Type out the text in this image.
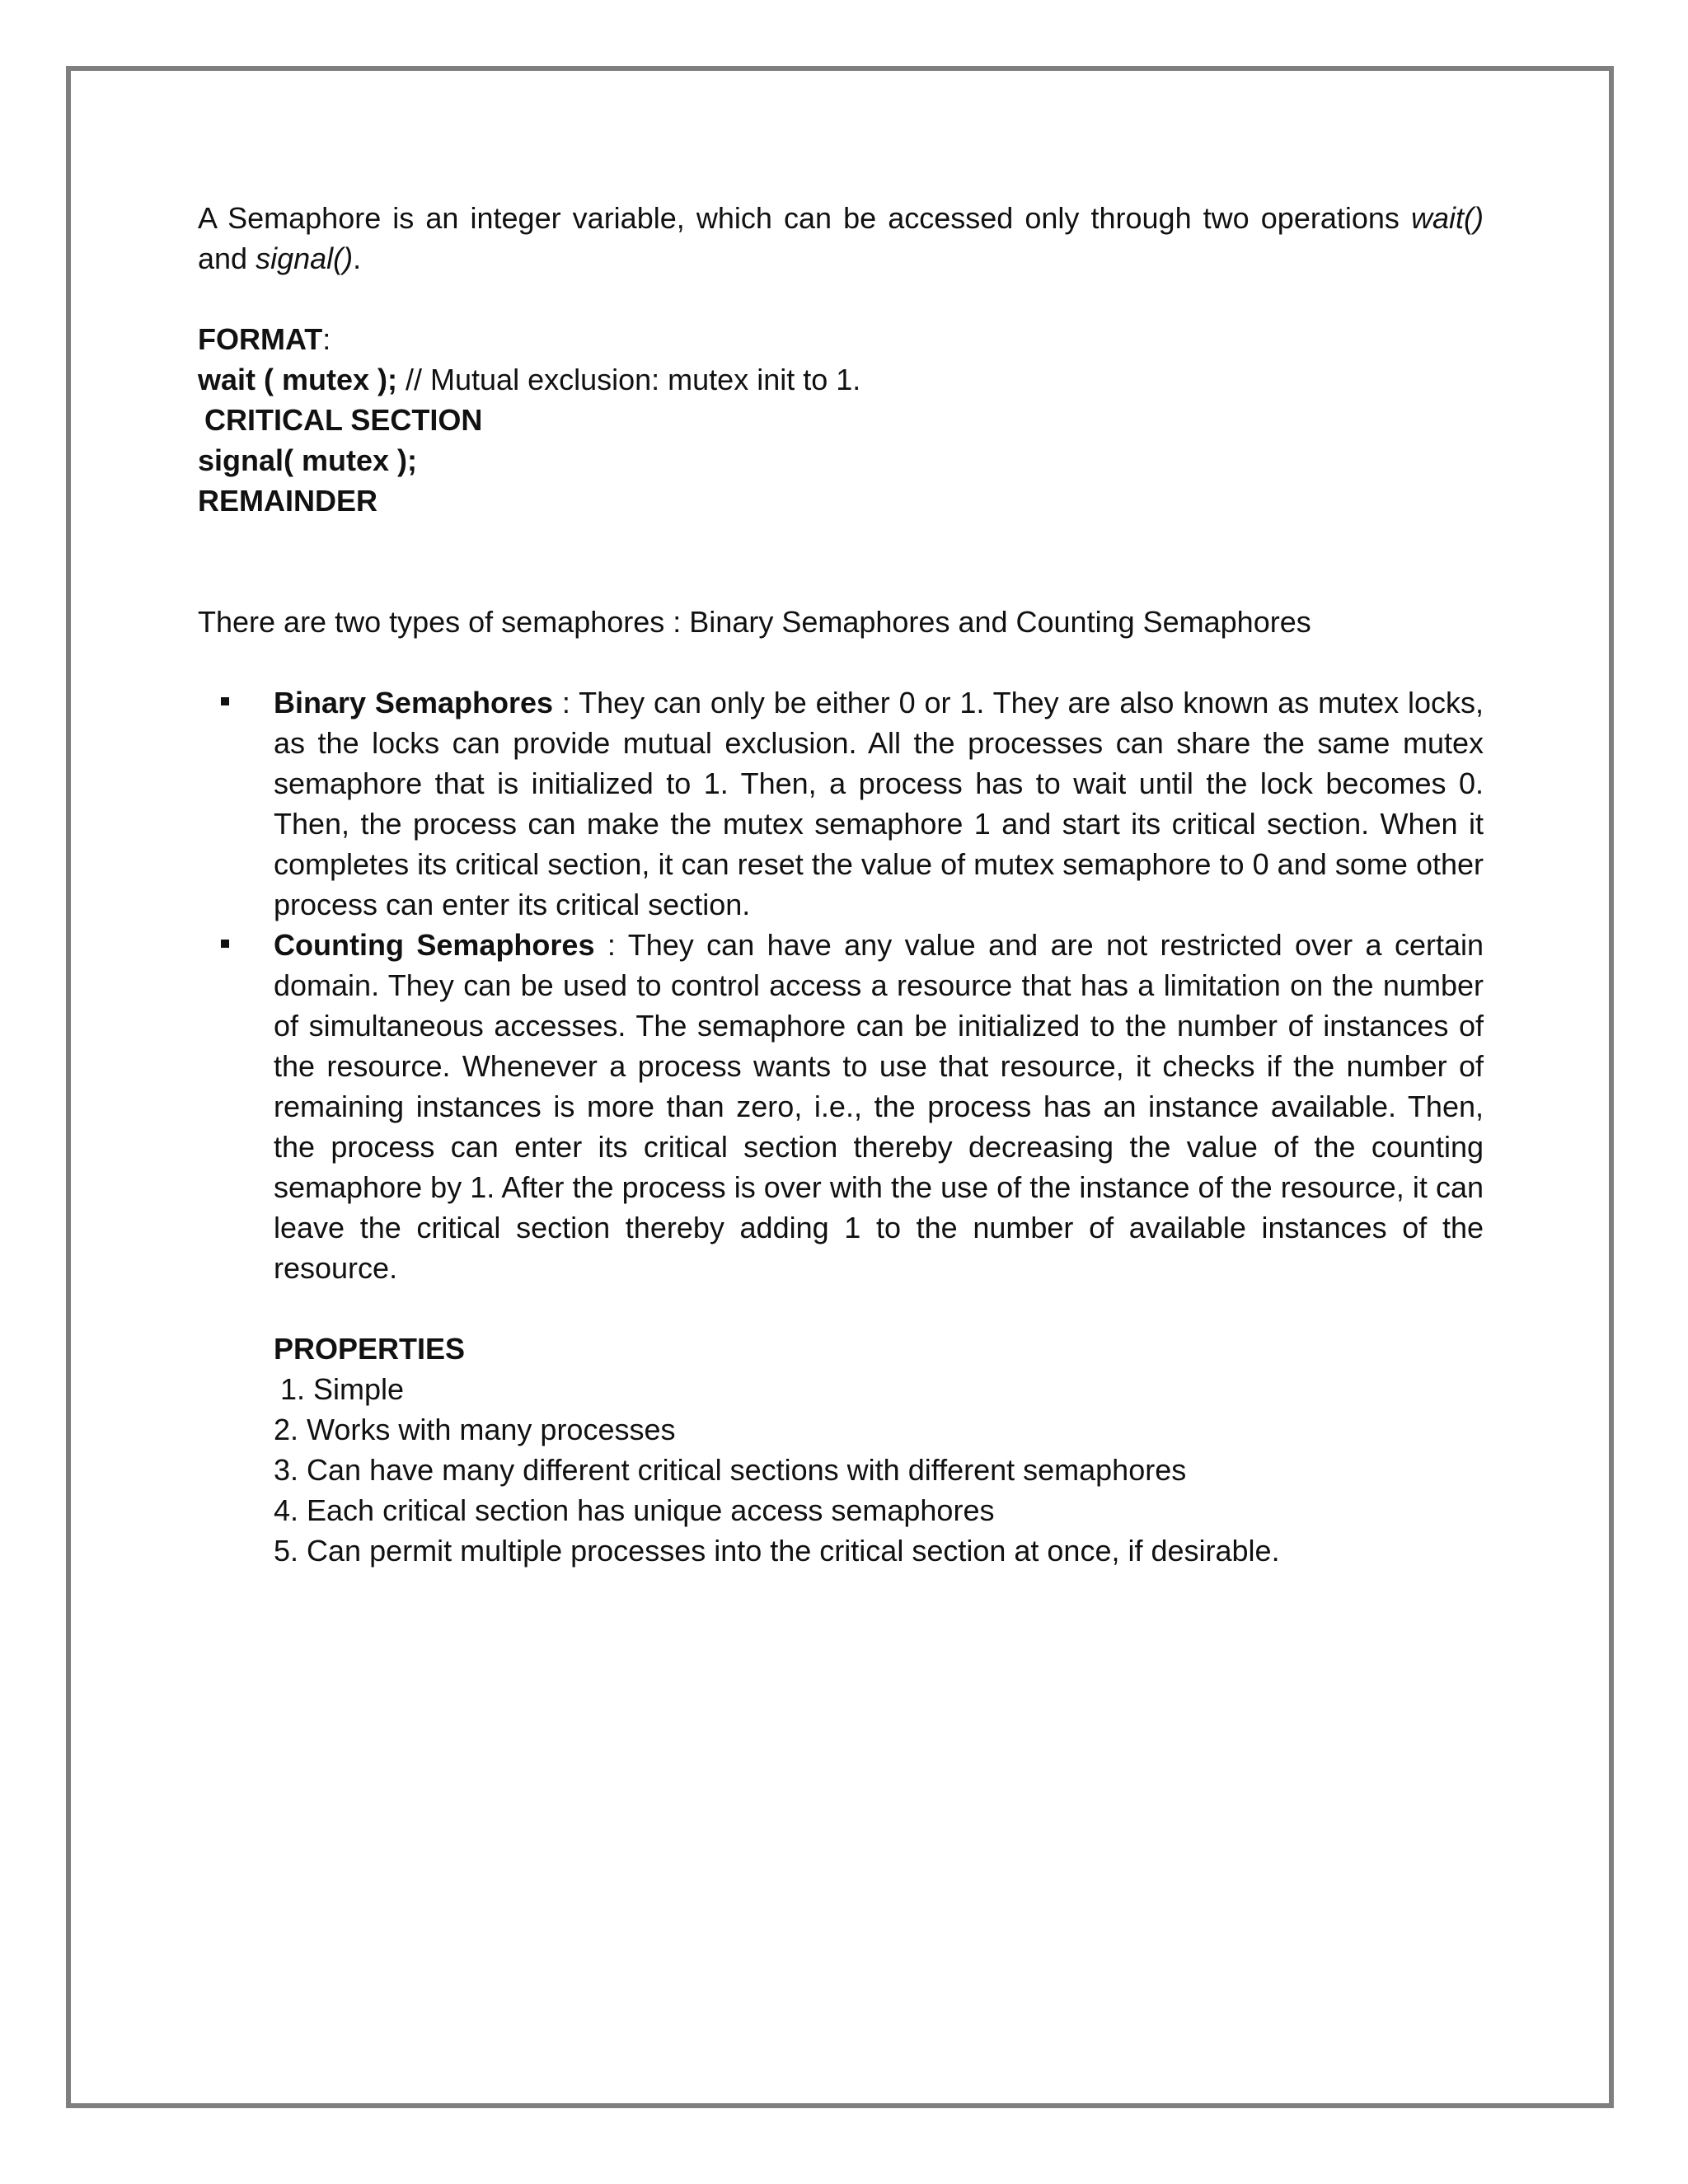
A Semaphore is an integer variable, which can be accessed only through two operations wait() and signal().

FORMAT:

wait ( mutex ); // Mutual exclusion: mutex init to 1.

CRITICAL SECTION

signal( mutex );

REMAINDER

There are two types of semaphores : Binary Semaphores and Counting Semaphores

Binary Semaphores : They can only be either 0 or 1. They are also known as mutex locks, as the locks can provide mutual exclusion. All the processes can share the same mutex semaphore that is initialized to 1. Then, a process has to wait until the lock becomes 0. Then, the process can make the mutex semaphore 1 and start its critical section. When it completes its critical section, it can reset the value of mutex semaphore to 0 and some other process can enter its critical section.
Counting Semaphores : They can have any value and are not restricted over a certain domain. They can be used to control access a resource that has a limitation on the number of simultaneous accesses. The semaphore can be initialized to the number of instances of the resource. Whenever a process wants to use that resource, it checks if the number of remaining instances is more than zero, i.e., the process has an instance available. Then, the process can enter its critical section thereby decreasing the value of the counting semaphore by 1. After the process is over with the use of the instance of the resource, it can leave the critical section thereby adding 1 to the number of available instances of the resource.

PROPERTIES

1. Simple

2. Works with many processes

3. Can have many different critical sections with different semaphores

4. Each critical section has unique access semaphores

5. Can permit multiple processes into the critical section at once, if desirable.
